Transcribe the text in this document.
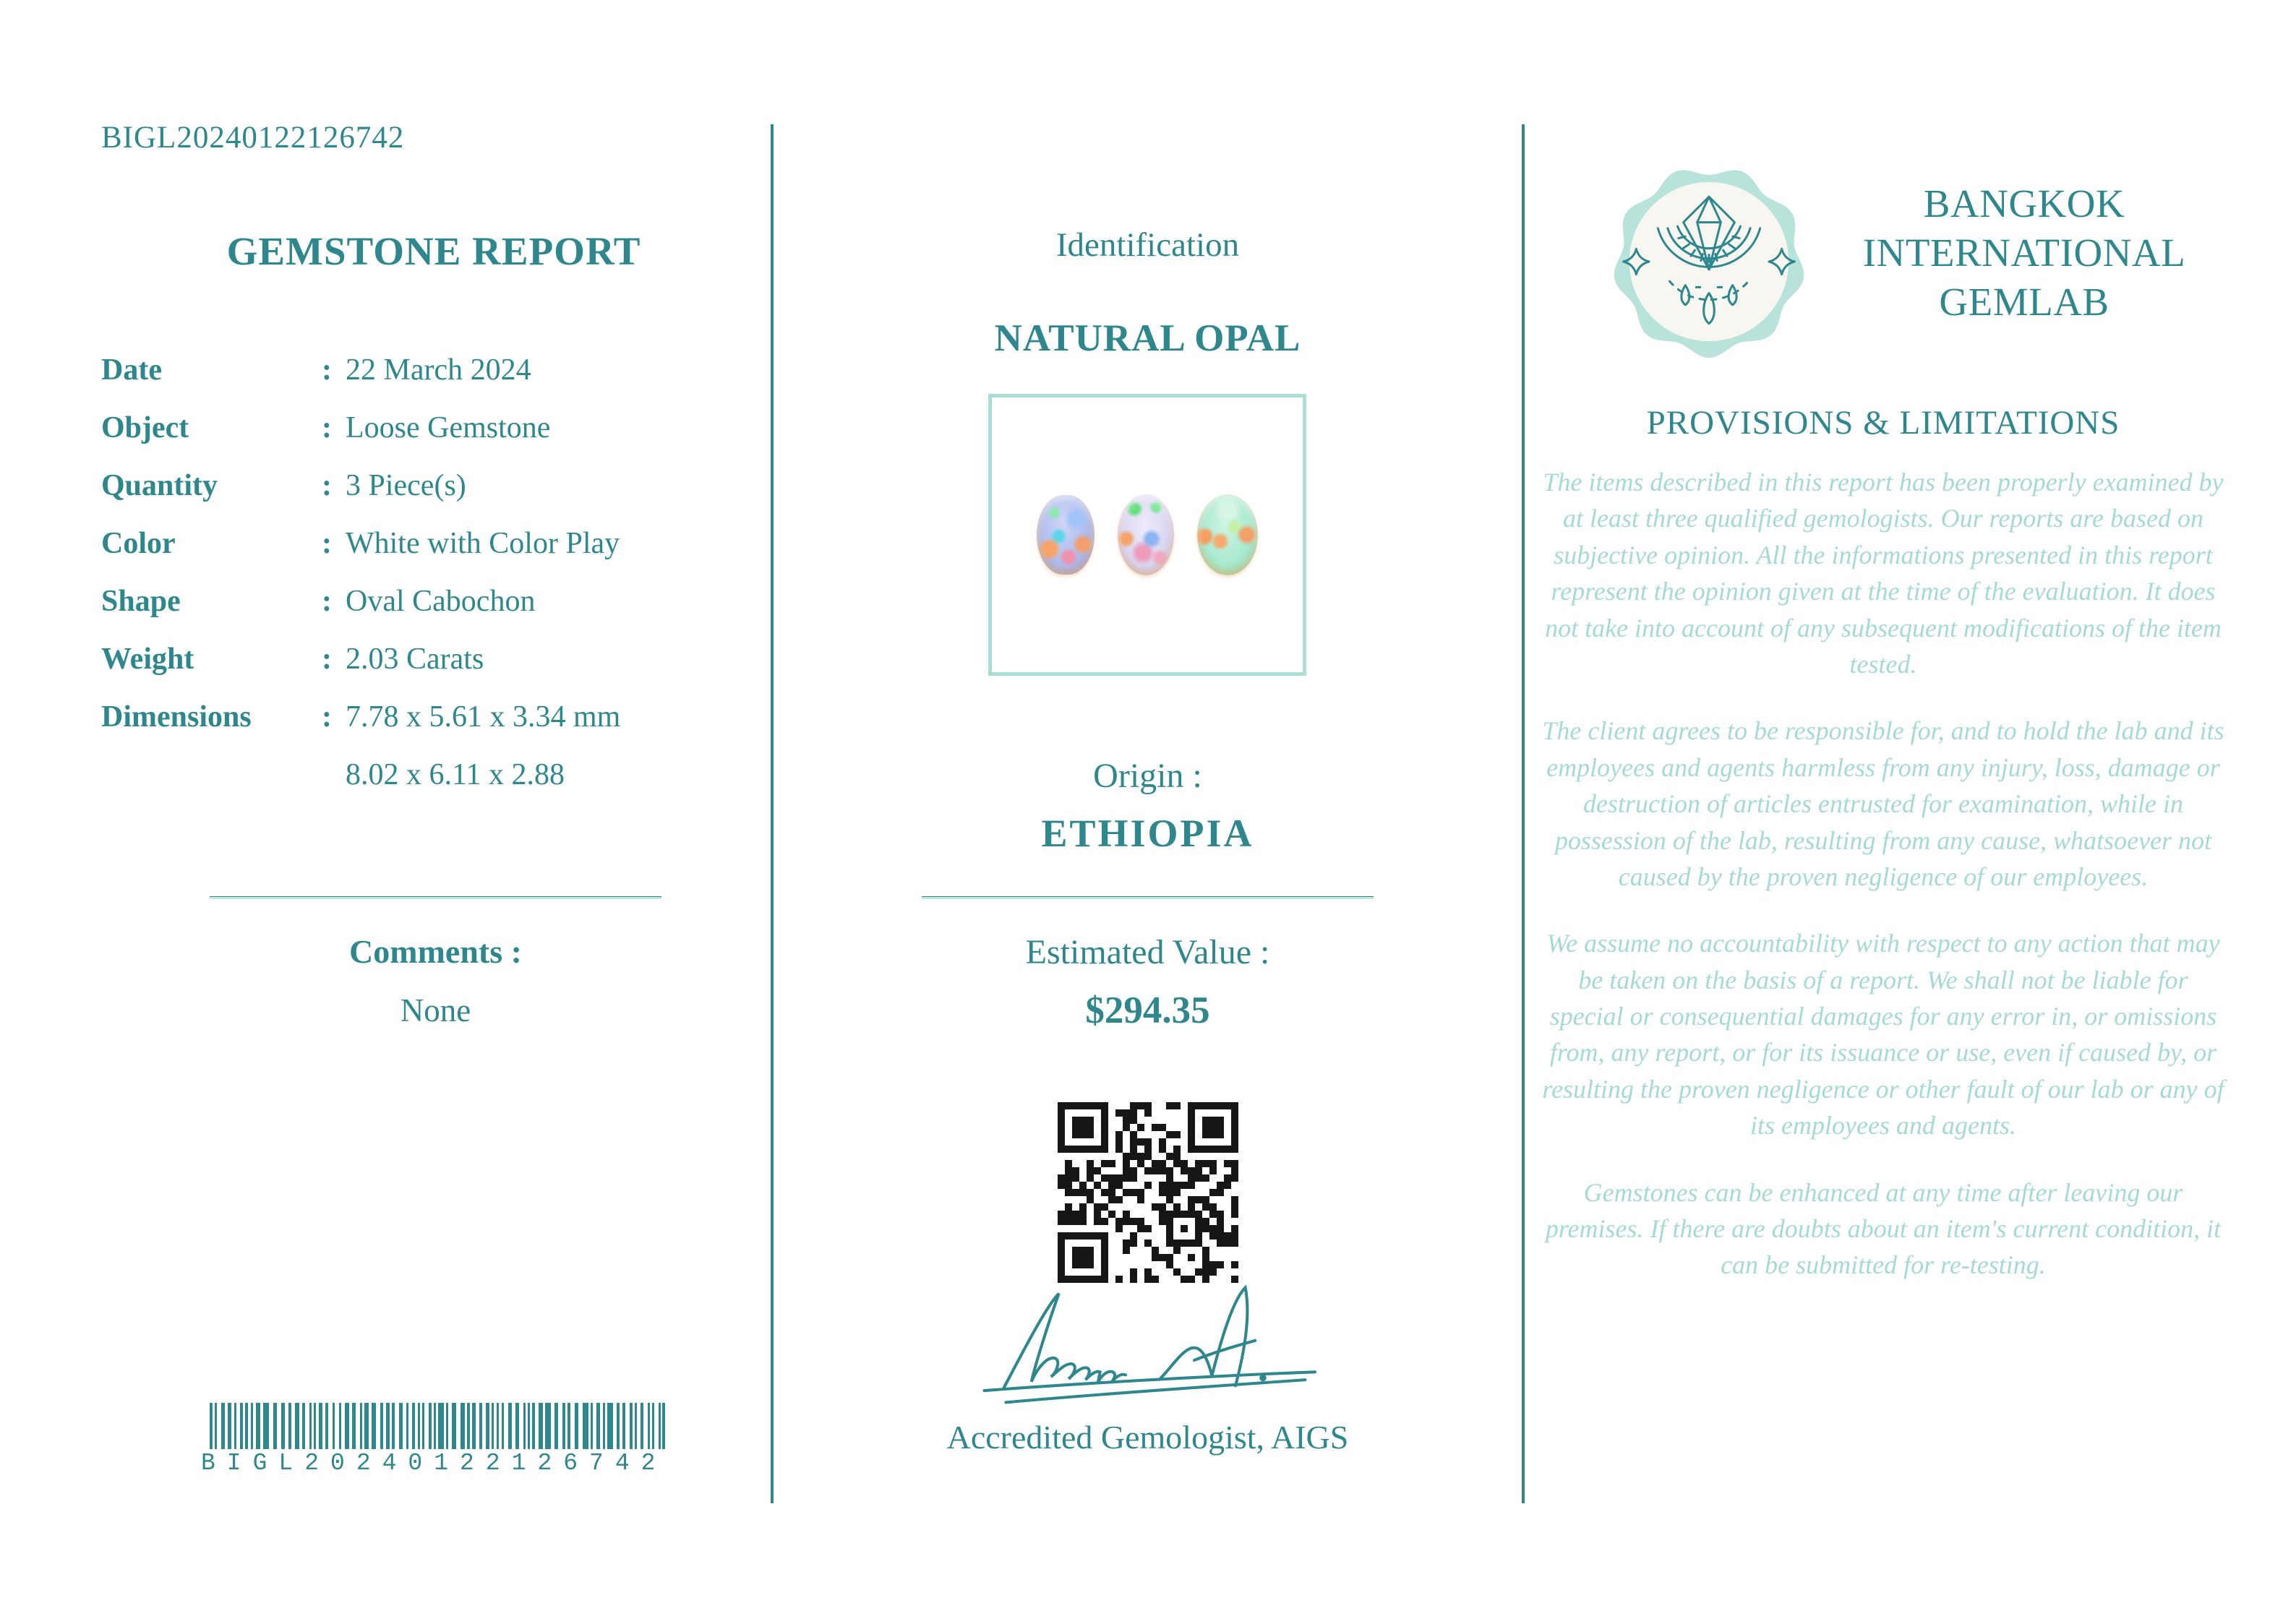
BIGL20240122126742
GEMSTONE REPORT
Date	: 22 March 2024
Object	: Loose Gemstone
Quantity	: 3 Piece(s)
Color	: White with Color Play
Shape	: Oval Cabochon
Weight	: 2.03 Carats
Dimensions : 7.78 x 5.61 x 3.34 mm
8.02 x 6.11 x 2.88
Comments :
None
BIGL20240122126742
Identification
NATURAL OPAL
Origin :
ETHIOPIA
Estimated Value :
$294.35
Accredited Gemologist, AIGS
BANGKOK
INTERNATIONAL
GEMLAB
PROVISIONS & LIMITATIONS

The items described in this report has been properly examined by at least three qualified gemologists. Our reports are based on subjective opinion. All the informations presented in this report represent the opinion given at the time of the evaluation. It does not take into account of any subsequent modifications of the item tested.

The client agrees to be responsible for, and to hold the lab and its employees and agents harmless from any injury, loss, damage or destruction of articles entrusted for examination, while in possession of the lab, resulting from any cause, whatsoever not caused by the proven negligence of our employees.

We assume no accountability with respect to any action that may be taken on the basis of a report. We shall not be liable for special or consequential damages for any error in, or omissions from, any report, or for its issuance or use, even if caused by, or resulting the proven negligence or other fault of our lab or any of its employees and agents.

Gemstones can be enhanced at any time after leaving our premises. If there are doubts about an item's current condition, it can be submitted for re-testing.
